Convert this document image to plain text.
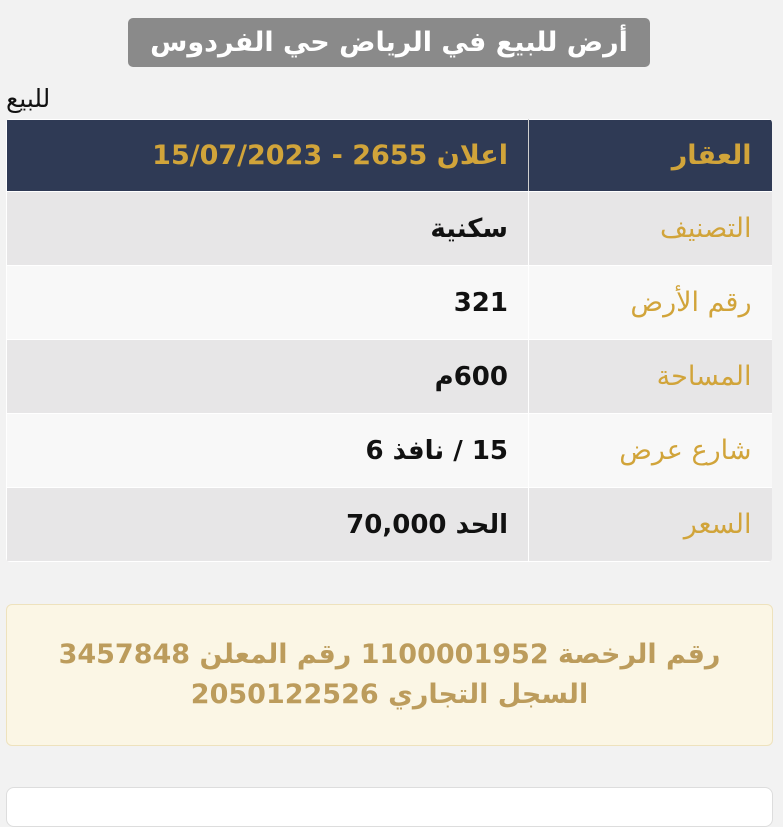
أرض للبيع في الرياض حي الفردوس
للبيع
العقار	اعلان 2655 - 15/07/2023
التصنيف	سكنية
رقم الأرض	321
المساحة	600م
شارع عرض	15 / نافذ 6
السعر	الحد 70,000
رقم الرخصة 1100001952 رقم المعلن 3457848
السجل التجاري 2050122526
